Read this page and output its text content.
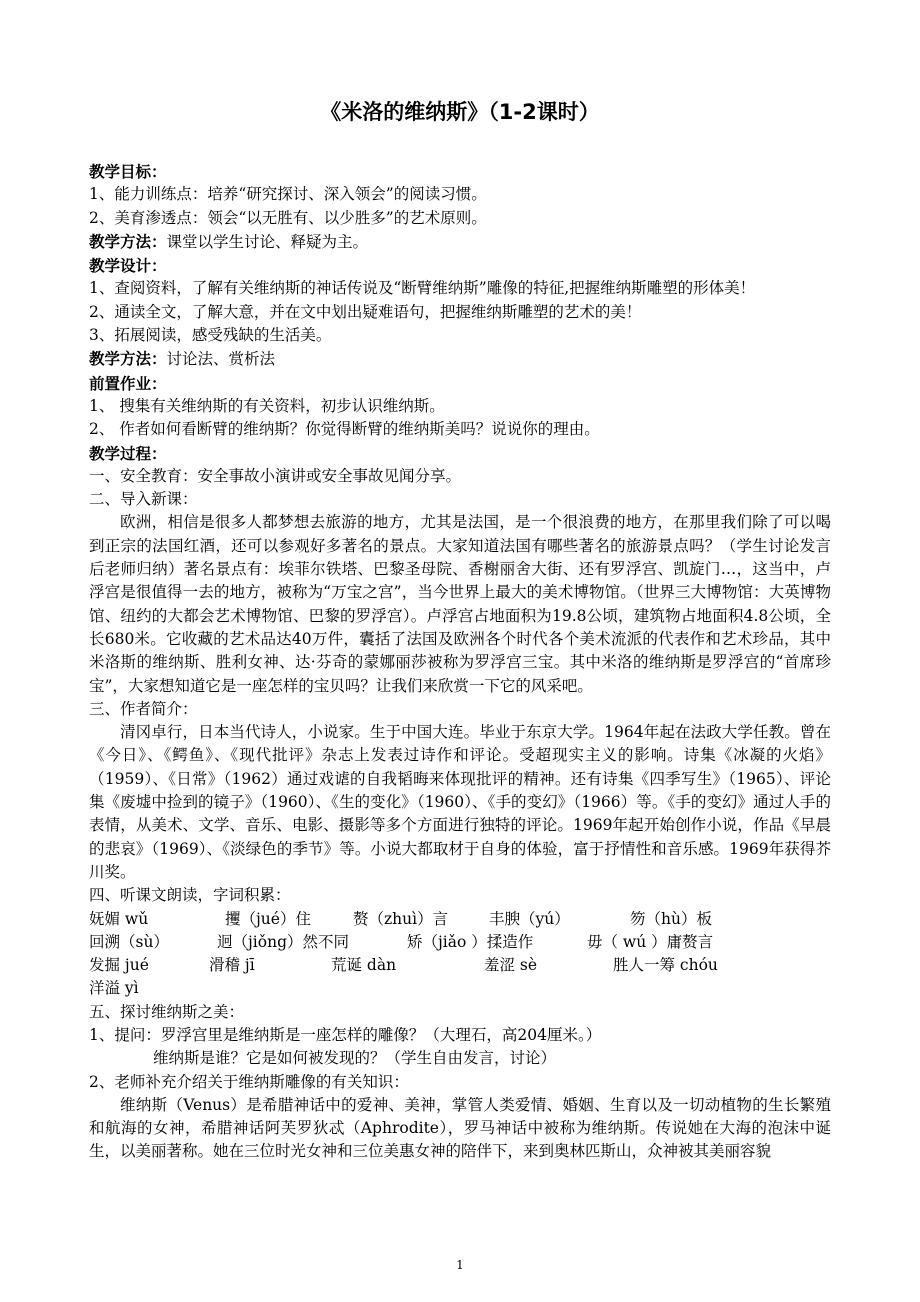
《米洛的维纳斯》（1-2课时）

教学目标：

1、能力训练点：培养“研究探讨、深入领会”的阅读习惯。

2、美育渗透点：领会“以无胜有、以少胜多”的艺术原则。

教学方法：课堂以学生讨论、释疑为主。

教学设计：

1、查阅资料，了解有关维纳斯的神话传说及“断臂维纳斯”雕像的特征,把握维纳斯雕塑的形体美！

2、通读全文，了解大意，并在文中划出疑难语句，把握维纳斯雕塑的艺术的美！

3、拓展阅读，感受残缺的生活美。

教学方法：讨论法、赏析法

前置作业：

1、 搜集有关维纳斯的有关资料，初步认识维纳斯。

2、 作者如何看断臂的维纳斯？你觉得断臂的维纳斯美吗？说说你的理由。

教学过程：

一、安全教育：安全事故小演讲或安全事故见闻分享。

二、导入新课：

欧洲，相信是很多人都梦想去旅游的地方，尤其是法国，是一个很浪费的地方，在那里我们除了可以喝到正宗的法国红酒，还可以参观好多著名的景点。大家知道法国有哪些著名的旅游景点吗？（学生讨论发言后老师归纳）著名景点有：埃菲尔铁塔、巴黎圣母院、香榭丽舍大街、还有罗浮宫、凯旋门…，这当中，卢浮宫是很值得一去的地方，被称为“万宝之宫”，当今世界上最大的美术博物馆。（世界三大博物馆：大英博物馆、纽约的大都会艺术博物馆、巴黎的罗浮宫）。卢浮宫占地面积为19.8公顷，建筑物占地面积4.8公顷，全长680米。它收藏的艺术品达40万件，囊括了法国及欧洲各个时代各个美术流派的代表作和艺术珍品，其中米洛斯的维纳斯、胜利女神、达·芬奇的蒙娜丽莎被称为罗浮宫三宝。其中米洛的维纳斯是罗浮宫的“首席珍宝”，大家想知道它是一座怎样的宝贝吗？让我们来欣赏一下它的风采吧。

三、作者简介：

清冈卓行，日本当代诗人，小说家。生于中国大连。毕业于东京大学。1964年起在法政大学任教。曾在《今日》、《鳄鱼》、《现代批评》杂志上发表过诗作和评论。受超现实主义的影响。诗集《冰凝的火焰》（1959）、《日常》（1962）通过戏谑的自我韬晦来体现批评的精神。还有诗集《四季写生》（1965）、评论集《废墟中捡到的镜子》（1960）、《生的变化》（1960）、《手的变幻》（1966）等。《手的变幻》通过人手的表情，从美术、文学、音乐、电影、摄影等多个方面进行独特的评论。1969年起开始创作小说，作品《早晨的悲哀》（1969）、《淡绿色的季节》等。小说大都取材于自身的体验，富于抒情性和音乐感。1969年获得芥川奖。

四、听课文朗读，字词积累：

妩媚 wǔ	攫（jué）住	赘（zhuì）言	丰腴（yú）	笏（hù）板
回溯（sù）	迥（jiǒng）然不同	矫（jiǎo ）揉造作	毋（ wú ）庸赘言
发掘 jué	滑稽 jī	荒诞 dàn	羞涩 sè	胜人一筹 chóu
洋溢 yì

五、探讨维纳斯之美：

1、提问：罗浮宫里是维纳斯是一座怎样的雕像？（大理石，高204厘米。）

维纳斯是谁？它是如何被发现的？（学生自由发言，讨论）

2、老师补充介绍关于维纳斯雕像的有关知识：

维纳斯（Venus）是希腊神话中的爱神、美神，掌管人类爱情、婚姻、生育以及一切动植物的生长繁殖和航海的女神，希腊神话阿芙罗狄忒（Aphrodite），罗马神话中被称为维纳斯。传说她在大海的泡沫中诞生，以美丽著称。她在三位时光女神和三位美惠女神的陪伴下，来到奥林匹斯山，众神被其美丽容貌

1
